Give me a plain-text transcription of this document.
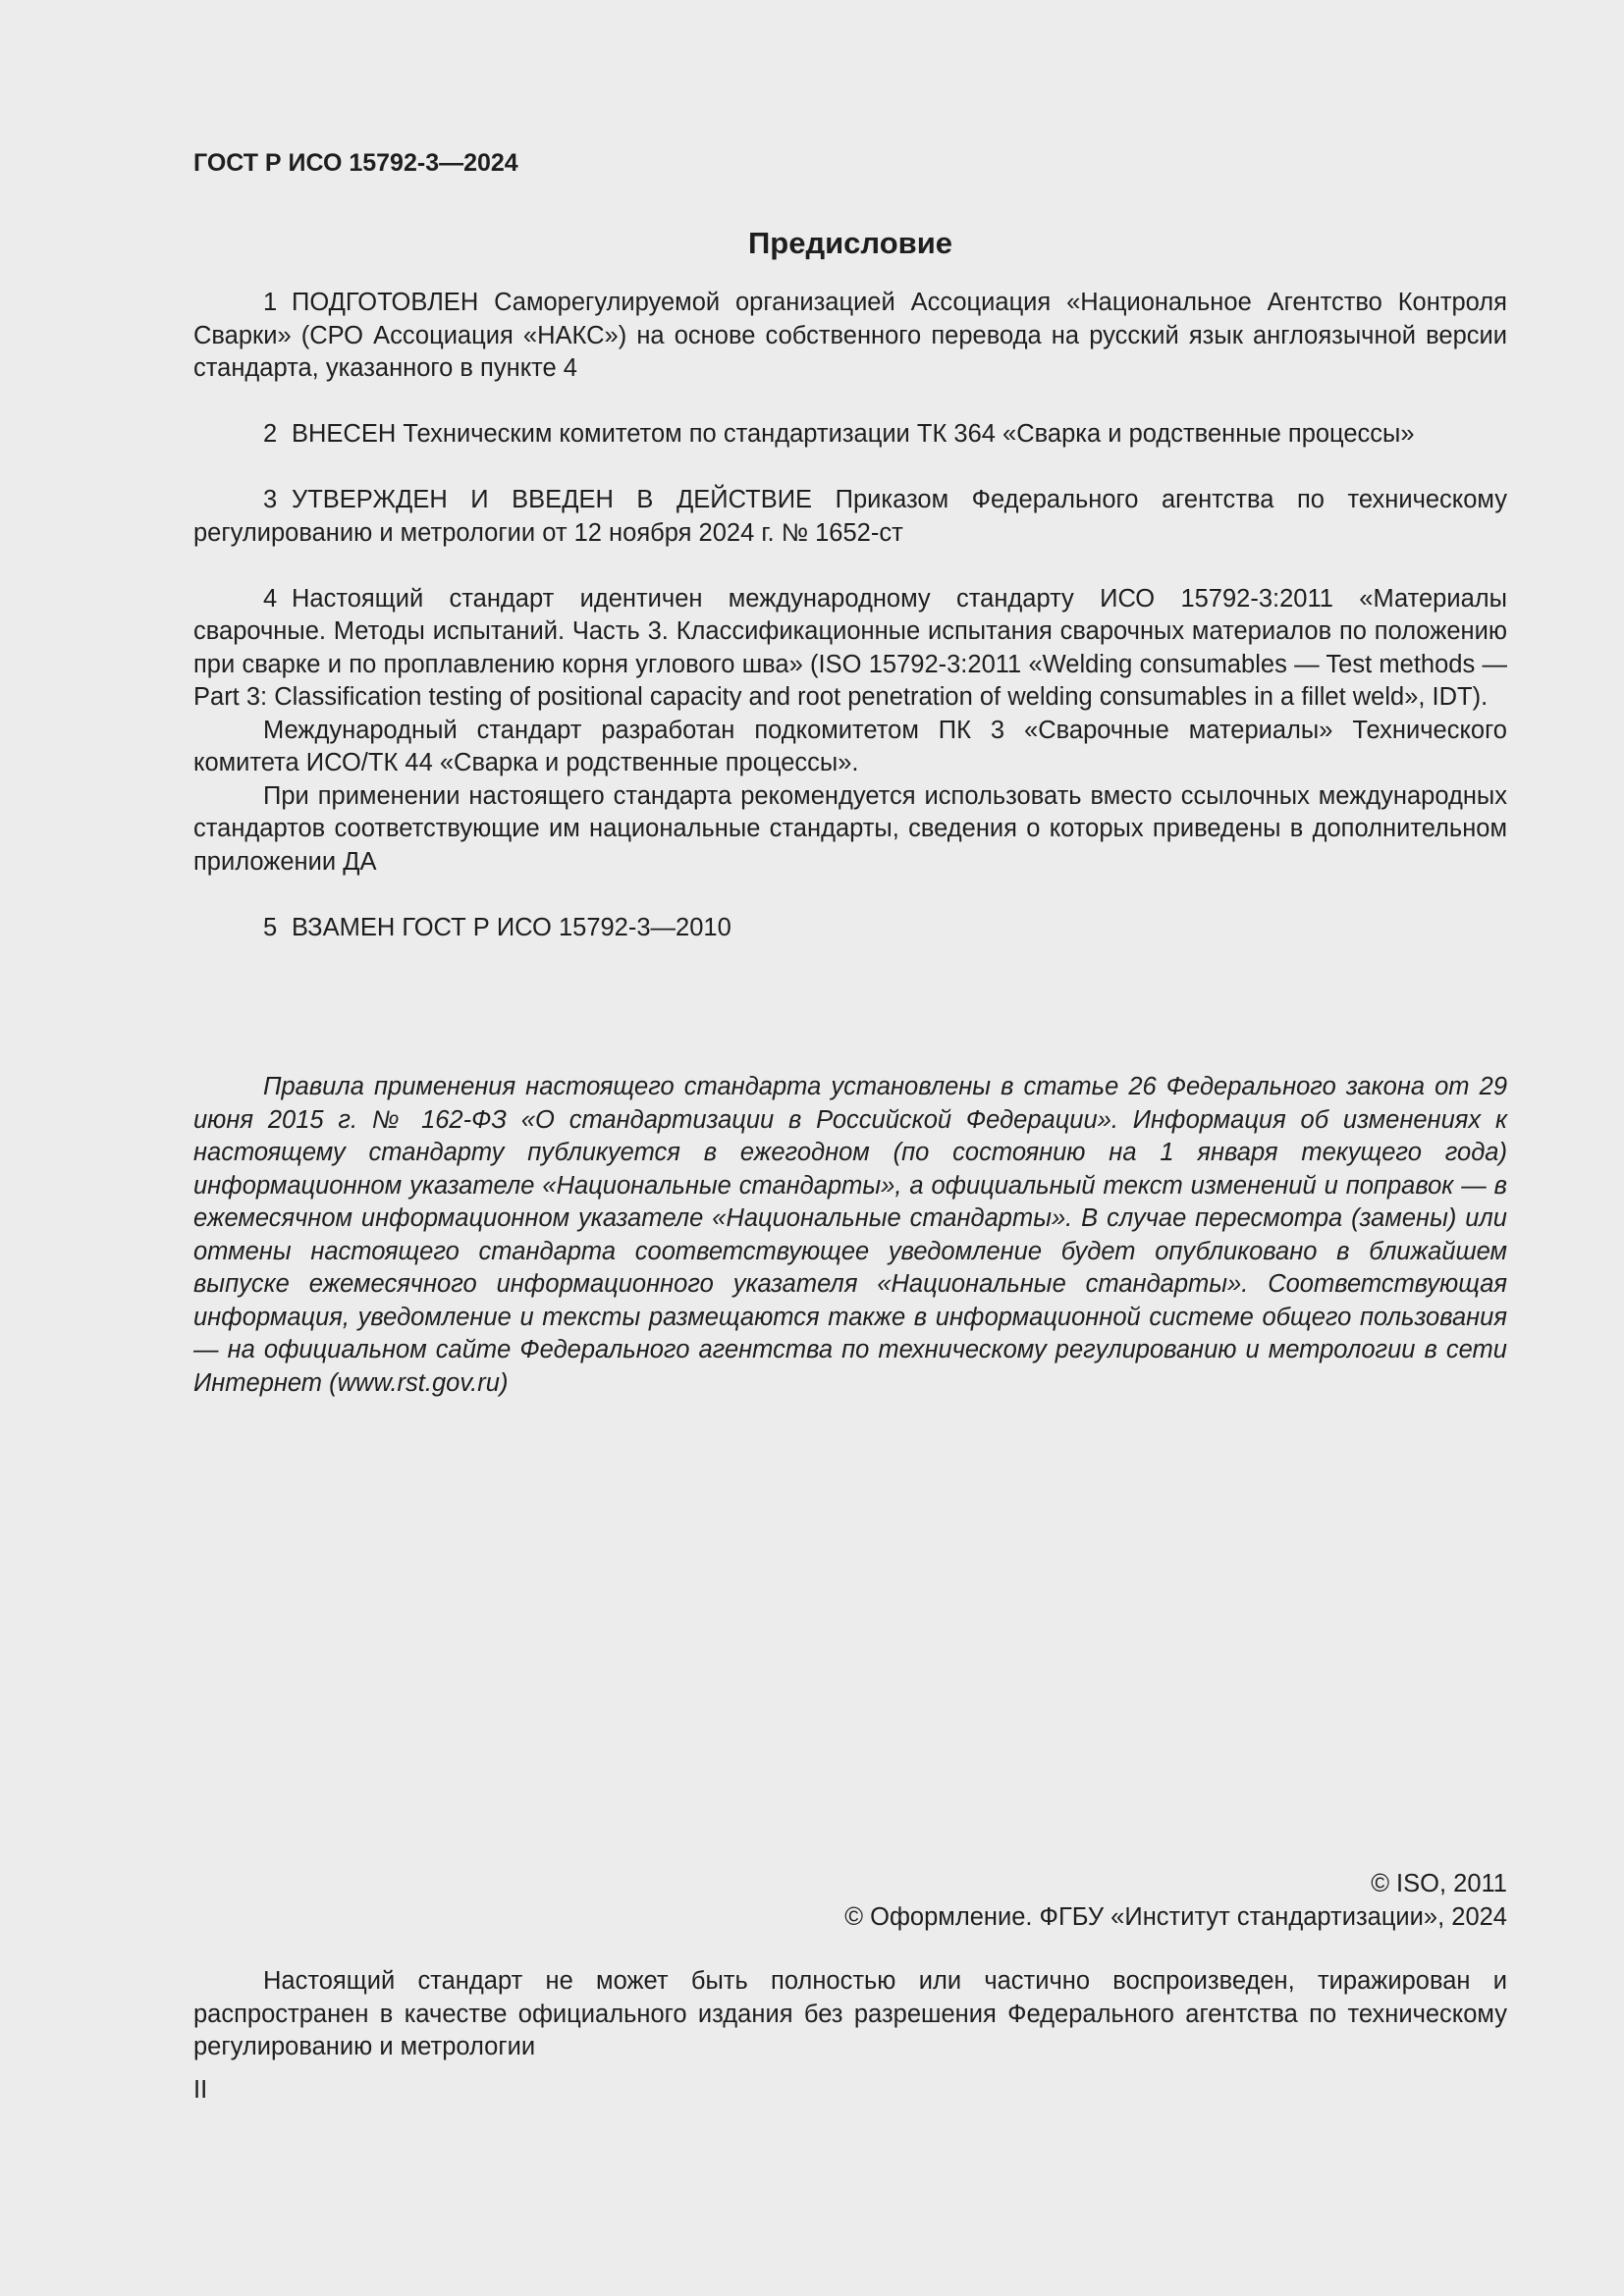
ГОСТ Р ИСО 15792-3—2024
Предисловие

1 ПОДГОТОВЛЕН Саморегулируемой организацией Ассоциация «Национальное Агентство Контроля Сварки» (СРО Ассоциация «НАКС») на основе собственного перевода на русский язык англоязычной версии стандарта, указанного в пункте 4

2 ВНЕСЕН Техническим комитетом по стандартизации ТК 364 «Сварка и родственные процессы»

3 УТВЕРЖДЕН И ВВЕДЕН В ДЕЙСТВИЕ Приказом Федерального агентства по техническому регулированию и метрологии от 12 ноября 2024 г. № 1652-ст

4 Настоящий стандарт идентичен международному стандарту ИСО 15792-3:2011 «Материалы сварочные. Методы испытаний. Часть 3. Классификационные испытания сварочных материалов по положению при сварке и по проплавлению корня углового шва» (ISO 15792-3:2011 «Welding consumables — Test methods — Part 3: Classification testing of positional capacity and root penetration of welding consumables in a fillet weld», IDT).

Международный стандарт разработан подкомитетом ПК 3 «Сварочные материалы» Технического комитета ИСО/ТК 44 «Сварка и родственные процессы».

При применении настоящего стандарта рекомендуется использовать вместо ссылочных международных стандартов соответствующие им национальные стандарты, сведения о которых приведены в дополнительном приложении ДА

5 ВЗАМЕН ГОСТ Р ИСО 15792-3—2010

Правила применения настоящего стандарта установлены в статье 26 Федерального закона от 29 июня 2015 г. № 162-ФЗ «О стандартизации в Российской Федерации». Информация об изменениях к настоящему стандарту публикуется в ежегодном (по состоянию на 1 января текущего года) информационном указателе «Национальные стандарты», а официальный текст изменений и поправок — в ежемесячном информационном указателе «Национальные стандарты». В случае пересмотра (замены) или отмены настоящего стандарта соответствующее уведомление будет опубликовано в ближайшем выпуске ежемесячного информационного указателя «Национальные стандарты». Соответствующая информация, уведомление и тексты размещаются также в информационной системе общего пользования — на официальном сайте Федерального агентства по техническому регулированию и метрологии в сети Интернет (www.rst.gov.ru)

© ISO, 2011
© Оформление. ФГБУ «Институт стандартизации», 2024

Настоящий стандарт не может быть полностью или частично воспроизведен, тиражирован и распространен в качестве официального издания без разрешения Федерального агентства по техническому регулированию и метрологии

II
